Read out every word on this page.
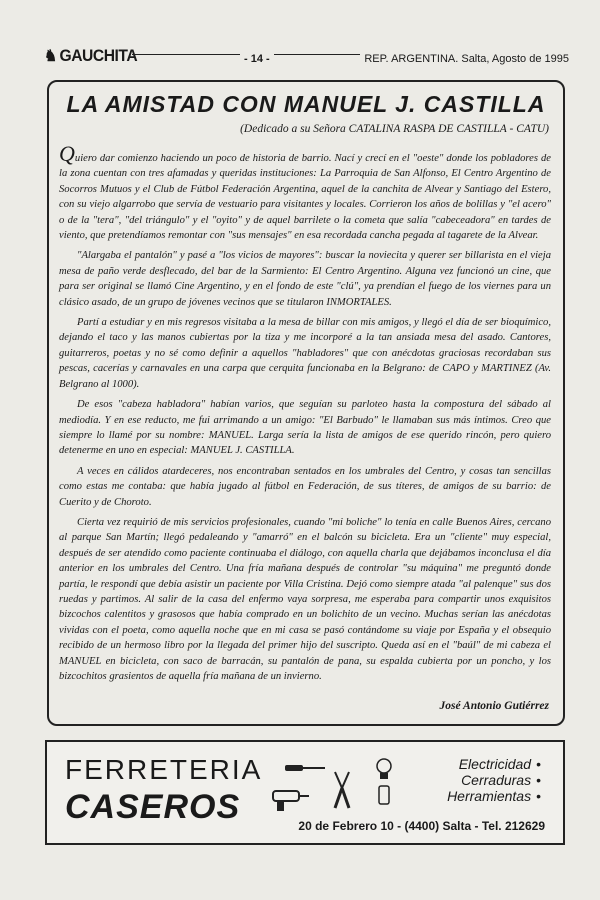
♞ GAUCHITA	- 14 -	REP. ARGENTINA. Salta, Agosto de 1995
LA AMISTAD CON MANUEL J. CASTILLA
(Dedicado a su Señora CATALINA RASPA DE CASTILLA - CATU)

Quiero dar comienzo haciendo un poco de historia de barrio. Nací y crecí en el "oeste" donde los pobladores de la zona cuentan con tres afamadas y queridas instituciones: La Parroquia de San Alfonso, El Centro Argentino de Socorros Mutuos y el Club de Fútbol Federación Argentina, aquel de la canchita de Alvear y Santiago del Estero, con su viejo algarrobo que servía de vestuario para visitantes y locales. Corrieron los años de bolillas y "el acero" o de la "tera", "del triángulo" y el "oyito" y de aquel barrilete o la cometa que salía "cabeceadora" en tardes de viento, que pretendíamos remontar con "sus mensajes" en esa recordada cancha pegada al tagarete de la Alvear.

"Alargaba el pantalón" y pasé a "los vicios de mayores": buscar la noviecita y querer ser billarista en el vieja mesa de paño verde desflecado, del bar de la Sarmiento: El Centro Argentino. Alguna vez funcionó un cine, que para ser original se llamó Cine Argentino, y en el fondo de este "clú", ya prendían el fuego de los viernes para un clásico asado, de un grupo de jóvenes vecinos que se titularon INMORTALES.

Partí a estudiar y en mis regresos visitaba a la mesa de billar con mis amigos, y llegó el día de ser bioquímico, dejando el taco y las manos cubiertas por la tiza y me incorporé a la tan ansiada mesa del asado. Cantores, guitarreros, poetas y no sé como definir a aquellos "habladores" que con anécdotas graciosas recordaban sus pescas, cacerías y carnavales en una carpa que cerquita funcionaba en la Belgrano: de CAPO y MARTINEZ (Av. Belgrano al 1000).

De esos "cabeza habladora" habían varios, que seguían su parloteo hasta la compostura del sábado al mediodía. Y en ese reducto, me fui arrimando a un amigo: "El Barbudo" le llamaban sus más íntimos. Creo que siempre lo llamé por su nombre: MANUEL. Larga sería la lista de amigos de ese querido rincón, pero quiero detenerme en uno en especial: MANUEL J. CASTILLA.

A veces en cálidos atardeceres, nos encontraban sentados en los umbrales del Centro, y cosas tan sencillas como estas me contaba: que había jugado al fútbol en Federación, de sus títeres, de amigos de su barrio: de Cuerito y de Choroto.

Cierta vez requirió de mis servicios profesionales, cuando "mi boliche" lo tenía en calle Buenos Aires, cercano al parque San Martín; llegó pedaleando y "amarró" en el balcón su bicicleta. Era un "cliente" muy especial, después de ser atendido como paciente continuaba el diálogo, con aquella charla que dejábamos inconclusa el día anterior en los umbrales del Centro. Una fría mañana después de controlar "su máquina" me preguntó donde partía, le respondí que debía asistir un paciente por Villa Cristina. Dejó como siempre atada "al palenque" sus dos ruedas y partimos. Al salir de la casa del enfermo vaya sorpresa, me esperaba para compartir unos exquisitos bizcochos calentitos y grasosos que había comprado en un bolichito de un vecino. Muchas serían las anécdotas vividas con el poeta, como aquella noche que en mi casa se pasó contándome su viaje por España y el obsequio recibido de un hermoso libro por la llegada del primer hijo del suscripto. Queda así en el "baúl" de mi cabeza el MANUEL en bicicleta, con saco de barracán, su pantalón de pana, su espalda cubierta por un poncho, y los bizcochitos grasientos de aquella fría mañana de un invierno.

José Antonio Gutiérrez
FERRETERIA
CASEROS
Electricidad •
Cerraduras •
Herramientas •
20 de Febrero 10 - (4400) Salta - Tel. 212629
